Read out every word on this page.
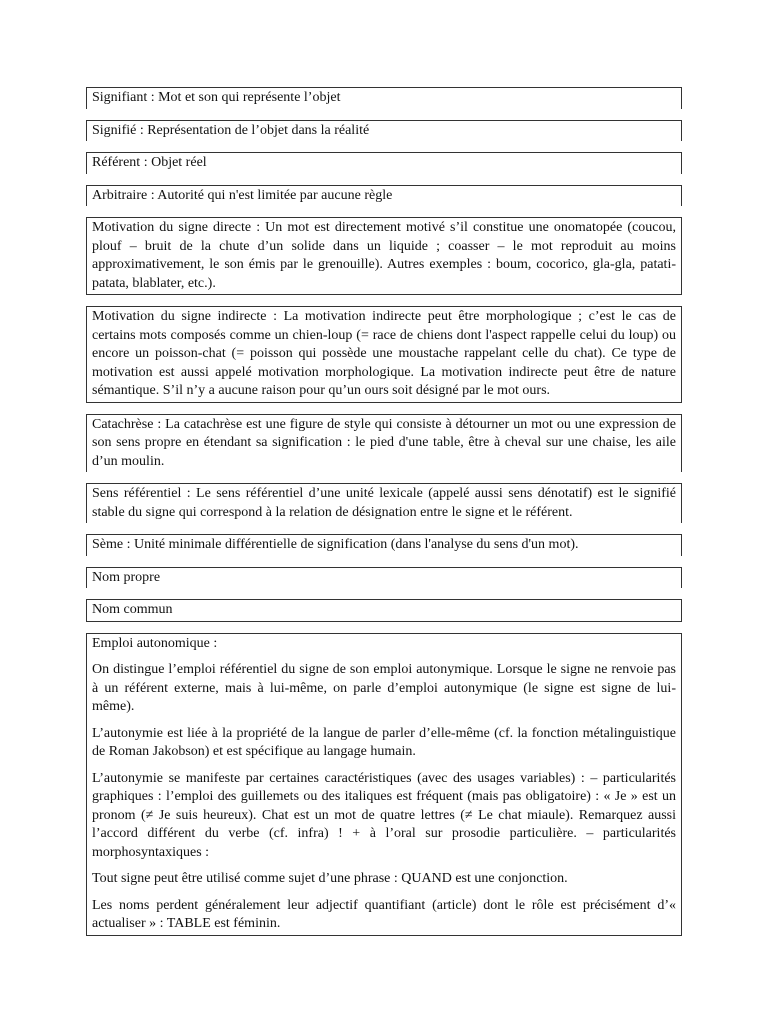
Signifiant : Mot et son qui représente l’objet

Signifié : Représentation de l’objet dans la réalité

Référent : Objet réel

Arbitraire : Autorité qui n'est limitée par aucune règle

Motivation du signe directe : Un mot est directement motivé s’il constitue une onomatopée (coucou, plouf – bruit de la chute d’un solide dans un liquide ; coasser – le mot reproduit au moins approximativement, le son émis par le grenouille). Autres exemples : boum, cocorico, gla-gla, patati-patata, blablater, etc.).

Motivation du signe indirecte : La motivation indirecte peut être morphologique ; c’est le cas de certains mots composés comme un chien-loup (= race de chiens dont l'aspect rappelle celui du loup) ou encore un poisson-chat (= poisson qui possède une moustache rappelant celle du chat). Ce type de motivation est aussi appelé motivation morphologique. La motivation indirecte peut être de nature sémantique. S’il n’y a aucune raison pour qu’un ours soit désigné par le mot ours.

Catachrèse : La catachrèse est une figure de style qui consiste à détourner un mot ou une expression de son sens propre en étendant sa signification : le pied d'une table, être à cheval sur une chaise, les aile d’un moulin.

Sens référentiel : Le sens référentiel d’une unité lexicale (appelé aussi sens dénotatif) est le signifié stable du signe qui correspond à la relation de désignation entre le signe et le référent.

Sème : Unité minimale différentielle de signification (dans l'analyse du sens d'un mot).

Nom propre

Nom commun

Emploi autonomique :

On distingue l’emploi référentiel du signe de son emploi autonymique. Lorsque le signe ne renvoie pas à un référent externe, mais à lui-même, on parle d’emploi autonymique (le signe est signe de lui-même).

L’autonymie est liée à la propriété de la langue de parler d’elle-même (cf. la fonction métalinguistique de Roman Jakobson) et est spécifique au langage humain.

L’autonymie se manifeste par certaines caractéristiques (avec des usages variables) : – particularités graphiques : l’emploi des guillemets ou des italiques est fréquent (mais pas obligatoire) : « Je » est un pronom (≠ Je suis heureux). Chat est un mot de quatre lettres (≠ Le chat miaule). Remarquez aussi l’accord différent du verbe (cf. infra) ! + à l’oral sur prosodie particulière. – particularités morphosyntaxiques :

Tout signe peut être utilisé comme sujet d’une phrase : QUAND est une conjonction.

Les noms perdent généralement leur adjectif quantifiant (article) dont le rôle est précisément d’« actualiser » : TABLE est féminin.
